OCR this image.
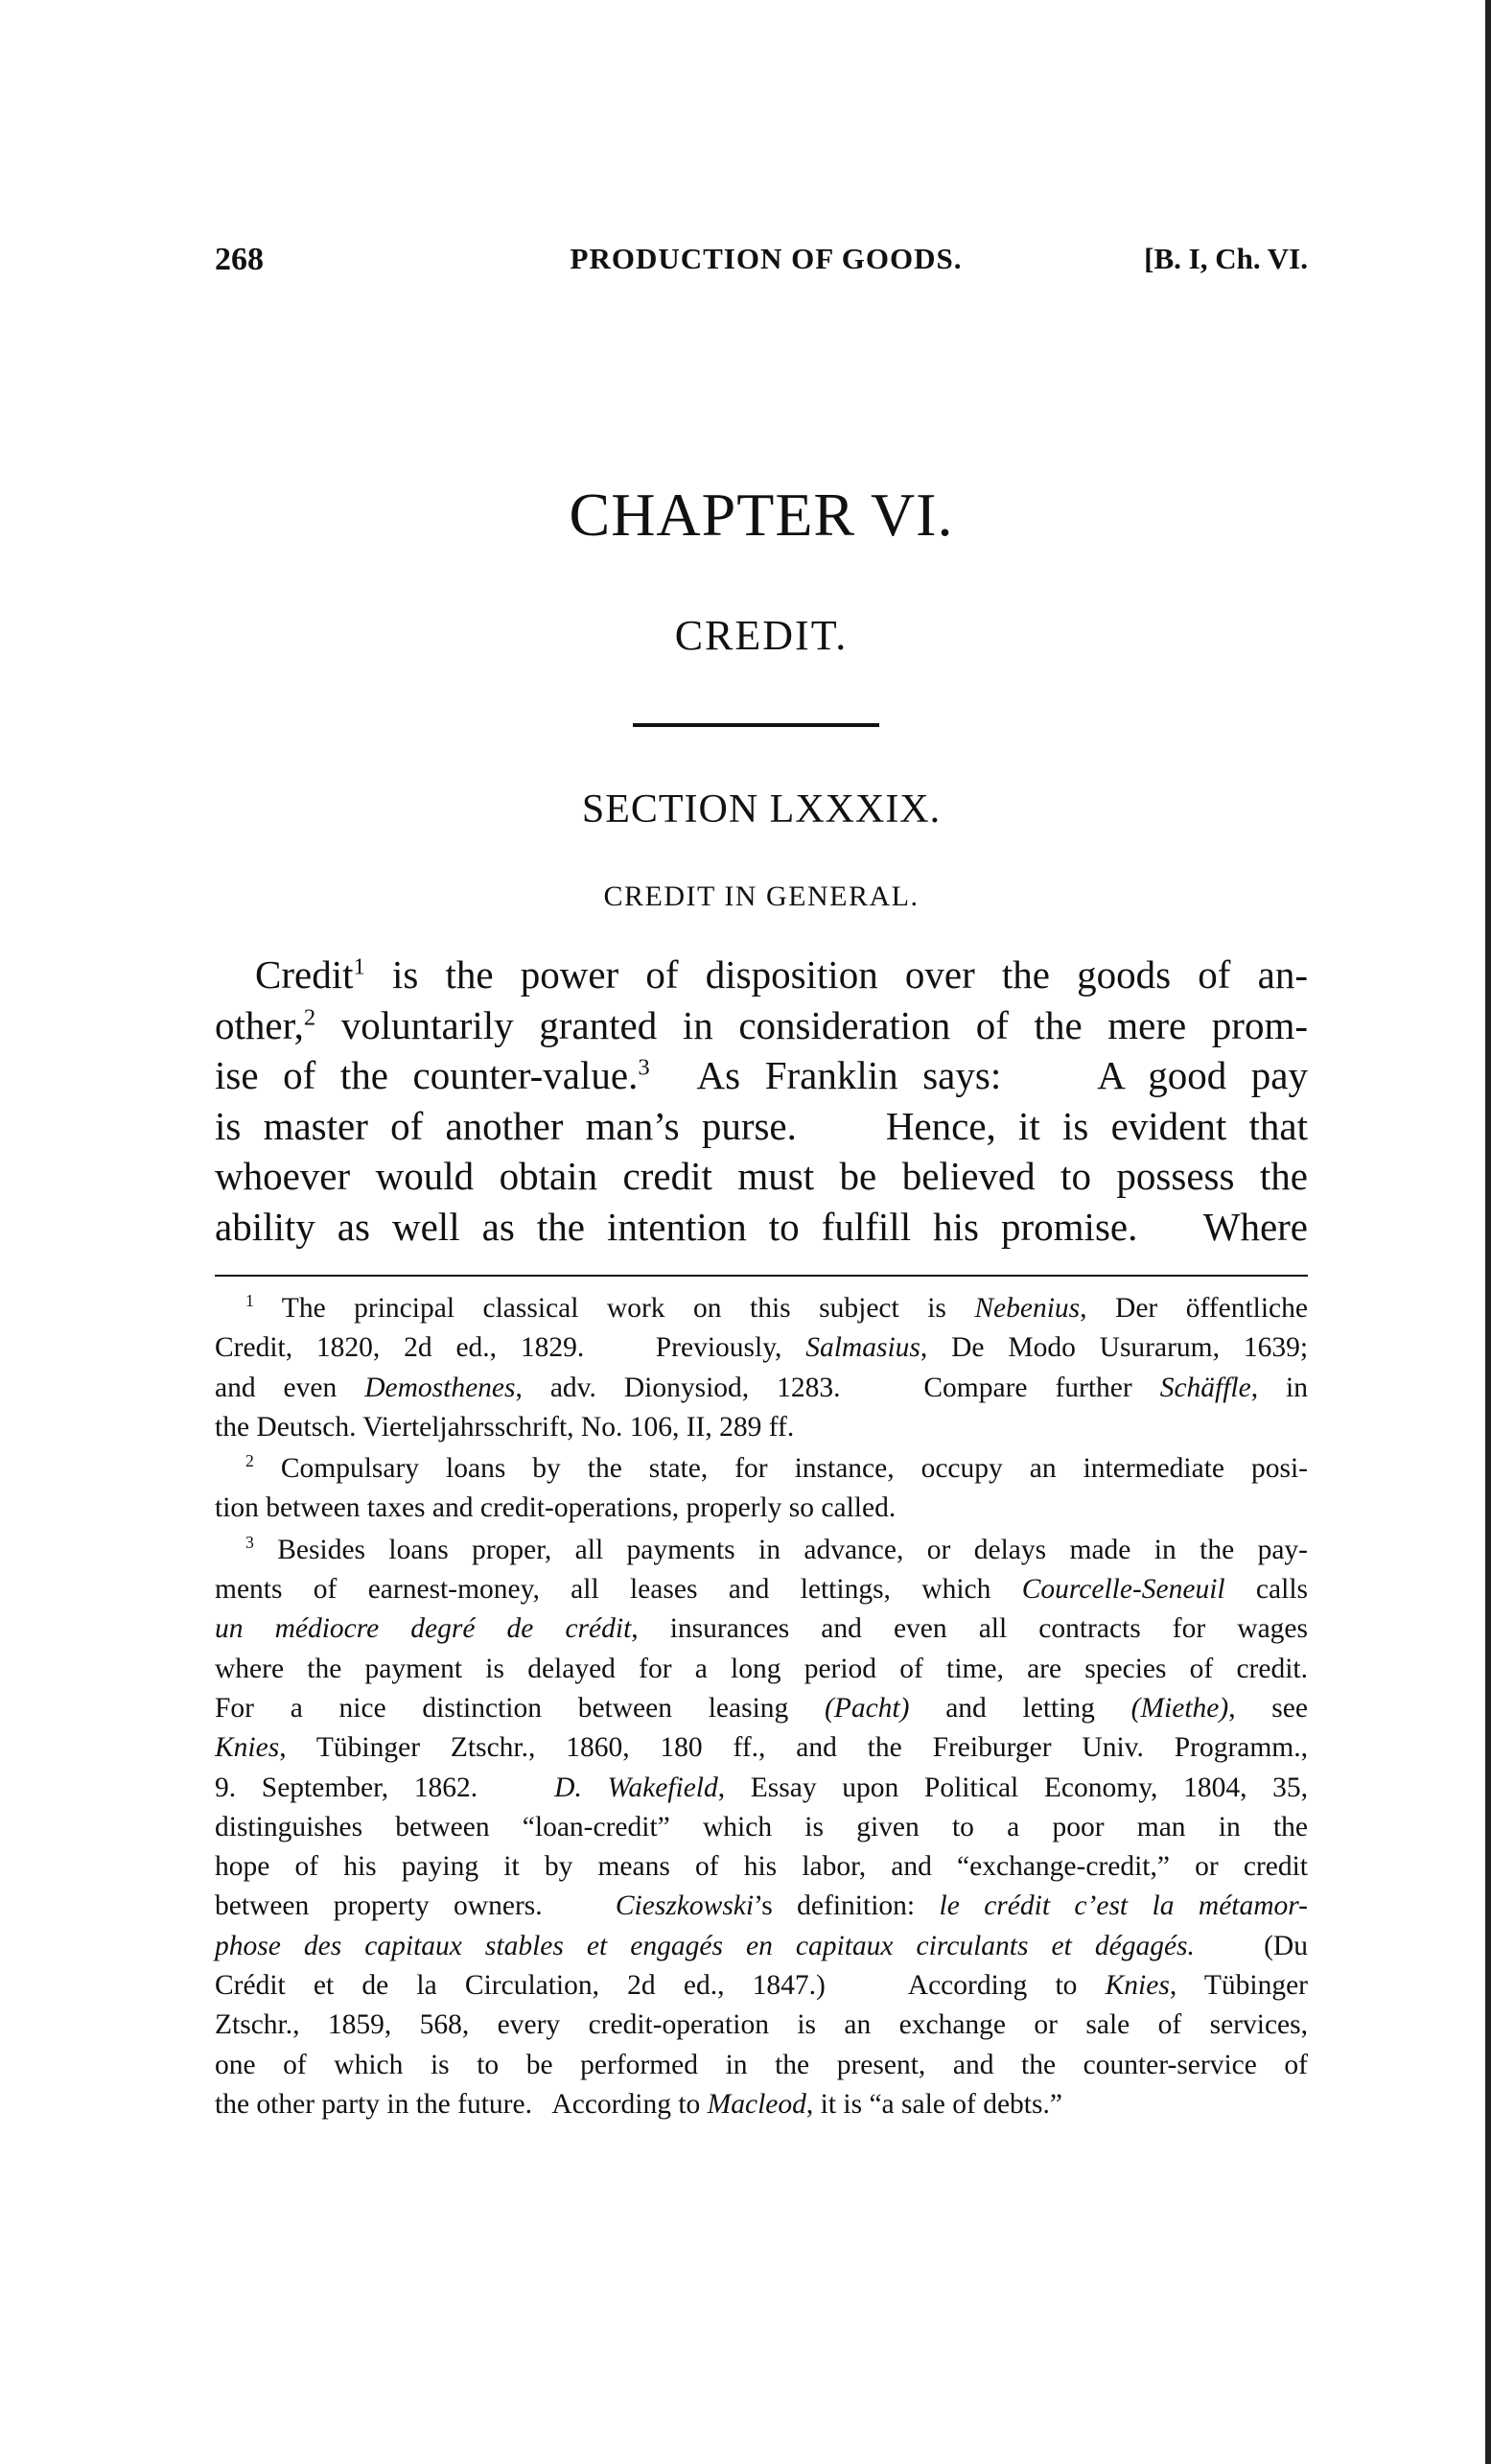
268	PRODUCTION OF GOODS.	[B. I, Ch. VI.
CHAPTER VI.
CREDIT.
SECTION LXXXIX.
CREDIT IN GENERAL.
Credit$^1$ is the power of disposition over the goods of an-
other,$^2$ voluntarily granted in consideration of the mere prom-
ise of the counter-value.$^3$  As Franklin says:    A good pay
is master of another man’s purse.    Hence, it is evident that
whoever would obtain credit must be believed to possess the
ability as well as the intention to fulfill his promise.   Where
$^1$ The principal classical work on this subject is Nebenius, Der öffentliche
Credit, 1820, 2d ed., 1829.   Previously, Salmasius, De Modo Usurarum, 1639;
and even Demosthenes, adv. Dionysiod, 1283.   Compare further Schäffle, in
the Deutsch. Vierteljahrsschrift, No. 106, II, 289 ff.
$^2$ Compulsary loans by the state, for instance, occupy an intermediate posi-
tion between taxes and credit-operations, properly so called.
$^3$ Besides loans proper, all payments in advance, or delays made in the pay-
ments of earnest-money, all leases and lettings, which Courcelle-Seneuil calls
un médiocre degré de crédit, insurances and even all contracts for wages
where the payment is delayed for a long period of time, are species of credit.
For a nice distinction between leasing (Pacht) and letting (Miethe), see
Knies, Tübinger Ztschr., 1860, 180 ff., and the Freiburger Univ. Programm.,
9. September, 1862.   D. Wakefield, Essay upon Political Economy, 1804, 35,
distinguishes between “loan-credit” which is given to a poor man in the
hope of his paying it by means of his labor, and “exchange-credit,” or credit
between property owners.   Cieszkowski’s definition: le crédit c’est la métamor-
phose des capitaux stables et engagés en capitaux circulants et dégagés.   (Du
Crédit et de la Circulation, 2d ed., 1847.)   According to Knies, Tübinger
Ztschr., 1859, 568, every credit-operation is an exchange or sale of services,
one of which is to be performed in the present, and the counter-service of
the other party in the future.   According to Macleod, it is “a sale of debts.”
